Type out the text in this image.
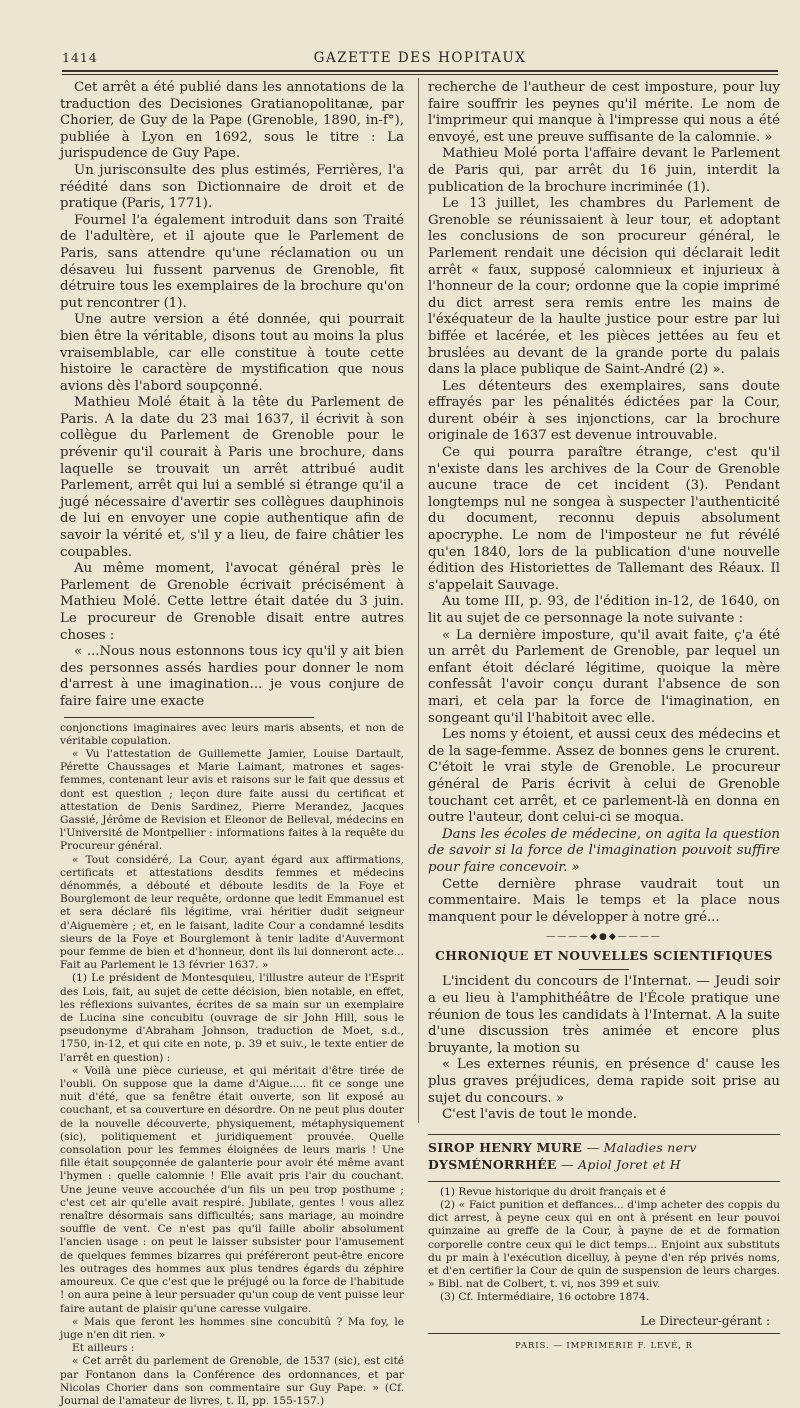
1414	GAZETTE DES HOPITAUX

Cet arrêt a été publié dans les annotations de la traduction des Decisiones Gratianopolitanæ, par Chorier, de Guy de la Pape (Grenoble, 1890, in-f°), publiée à Lyon en 1692, sous le titre : La jurispudence de Guy Pape.

Un jurisconsulte des plus estimés, Ferrières, l'a réédité dans son Dictionnaire de droit et de pratique (Paris, 1771).

Fournel l'a également introduit dans son Traité de l'adultère, et il ajoute que le Parlement de Paris, sans attendre qu'une réclamation ou un désaveu lui fussent parvenus de Grenoble, fit détruire tous les exemplaires de la brochure qu'on put rencontrer (1).

Une autre version a été donnée, qui pourrait bien être la véritable, disons tout au moins la plus vraisemblable, car elle constitue à toute cette histoire le caractère de mystification que nous avions dès l'abord soupçonné.

Mathieu Molé était à la tête du Parlement de Paris. A la date du 23 mai 1637, il écrivit à son collègue du Parlement de Grenoble pour le prévenir qu'il courait à Paris une brochure, dans laquelle se trouvait un arrêt attribué audit Parlement, arrêt qui lui a semblé si étrange qu'il a jugé nécessaire d'avertir ses collègues dauphinois de lui en envoyer une copie authentique afin de savoir la vérité et, s'il y a lieu, de faire châtier les coupables.

Au même moment, l'avocat général près le Parlement de Grenoble écrivait précisément à Mathieu Molé. Cette lettre était datée du 3 juin. Le procureur de Grenoble disait entre autres choses :

« ...Nous nous estonnons tous icy qu'il y ait bien des personnes assés hardies pour donner le nom d'arrest à une imagination... je vous conjure de faire faire une exacte

conjonctions imaginaires avec leurs maris absents, et non de véritable copulation.

« Vu l'attestation de Guillemette Jamier, Louise Dartault, Pérette Chaussages et Marie Laimant, matrones et sages-femmes, contenant leur avis et raisons sur le fait que dessus et dont est question ; leçon dure faite aussi du certificat et attestation de Denis Sardinez, Pierre Merandez, Jacques Gassié, Jérôme de Revision et Eleonor de Belleval, médecins en l'Université de Montpellier : informations faites à la requête du Procureur général.

« Tout considéré, La Cour, ayant égard aux affirmations, certificats et attestations desdits femmes et médecins dénommés, a débouté et déboute lesdits de la Foye et Bourglemont de leur requête, ordonne que ledit Emmanuel est et sera déclaré fils légitime, vrai héritier dudit seigneur d'Aiguemère ; et, en le faisant, ladite Cour a condamné lesdits sieurs de la Foye et Bourglemont à tenir ladite d'Auvermont pour femme de bien et d'honneur, dont ils lui donneront acte... Fait au Parlement le 13 février 1637. »

(1) Le président de Montesquieu, l'illustre auteur de l'Esprit des Lois, fait, au sujet de cette décision, bien notable, en effet, les réflexions suivantes, écrites de sa main sur un exemplaire de Lucina sine concubitu (ouvrage de sir John Hill, sous le pseudonyme d'Abraham Johnson, traduction de Moet, s.d., 1750, in-12, et qui cite en note, p. 39 et suiv., le texte entier de l'arrêt en question) :

« Voilà une pièce curieuse, et qui méritait d'être tirée de l'oubli. On suppose que la dame d'Aigue..... fit ce songe une nuit d'été, que sa fenêtre était ouverte, son lit exposé au couchant, et sa couverture en désordre. On ne peut plus douter de la nouvelle découverte, physiquement, métaphysiquement (sic), politiquement et juridiquement prouvée. Quelle consolation pour les femmes éloignées de leurs maris ! Une fille était soupçonnée de galanterie pour avoir été même avant l'hymen : quelle calomnie ! Elle avait pris l'air du couchant. Une jeune veuve accouchée d'un fils un peu trop posthume ; c'est cet air qu'elle avait respiré. Jubilate, gentes ! vous allez renaître désormais sans difficultés; sans mariage, au moindre souffle de vent. Ce n'est pas qu'il faille abolir absolument l'ancien usage : on peut le laisser subsister pour l'amusement de quelques femmes bizarres qui préféreront peut-être encore les outrages des hommes aux plus tendres égards du zéphire amoureux. Ce que c'est que le préjugé ou la force de l'habitude ! on aura peine à leur persuader qu'un coup de vent puisse leur faire autant de plaisir qu'une caresse vulgaire.

« Mais que feront les hommes sine concubitû ? Ma foy, le juge n'en dit rien. »

Et ailleurs :

« Cet arrêt du parlement de Grenoble, de 1537 (sic), est cité par Fontanon dans la Conférence des ordonnances, et par Nicolas Chorier dans son commentaire sur Guy Pape. » (Cf. Journal de l'amateur de livres, t. II, pp. 155-157.)

recherche de l'autheur de cest imposture, pour luy faire souffrir les peynes qu'il mérite. Le nom de l'imprimeur qui manque à l'impresse qui nous a été envoyé, est une preuve suffisante de la calomnie. »

Mathieu Molé porta l'affaire devant le Parlement de Paris qui, par arrêt du 16 juin, interdit la publication de la brochure incriminée (1).

Le 13 juillet, les chambres du Parlement de Grenoble se réunissaient à leur tour, et adoptant les conclusions de son procureur général, le Parlement rendait une décision qui déclarait ledit arrêt « faux, supposé calomnieux et injurieux à l'honneur de la cour; ordonne que la copie imprimé du dict arrest sera remis entre les mains de l'éxéquateur de la haulte justice pour estre par lui biffée et lacérée, et les pièces jettées au feu et bruslées au devant de la grande porte du palais dans la place publique de Saint-André (2) ».

Les détenteurs des exemplaires, sans doute effrayés par les pénalités édictées par la Cour, durent obéir à ses injonctions, car la brochure originale de 1637 est devenue introuvable.

Ce qui pourra paraître étrange, c'est qu'il n'existe dans les archives de la Cour de Grenoble aucune trace de cet incident (3). Pendant longtemps nul ne songea à suspecter l'authenticité du document, reconnu depuis absolument apocryphe. Le nom de l'imposteur ne fut révélé qu'en 1840, lors de la publication d'une nouvelle édition des Historiettes de Tallemant des Réaux. Il s'appelait Sauvage.

Au tome III, p. 93, de l'édition in-12, de 1640, on lit au sujet de ce personnage la note suivante :

« La dernière imposture, qu'il avait faite, ç'a été un arrêt du Parlement de Grenoble, par lequel un enfant étoit déclaré légitime, quoique la mère confessât l'avoir conçu durant l'absence de son mari, et cela par la force de l'imagination, en songeant qu'il l'habitoit avec elle.

Les noms y étoient, et aussi ceux des médecins et de la sage-femme. Assez de bonnes gens le crurent. C'étoit le vrai style de Grenoble. Le procureur général de Paris écrivit à celui de Grenoble touchant cet arrêt, et ce parlement-là en donna en outre l'auteur, dont celui-ci se moqua.

Dans les écoles de médecine, on agita la question de savoir si la force de l'imagination pouvoit suffire pour faire concevoir. »

Cette dernière phrase vaudrait tout un commentaire. Mais le temps et la place nous manquent pour le développer à notre gré...

————◆●◆————
CHRONIQUE ET NOUVELLES SCIENTIFIQUES

L'incident du concours de l'Internat. — Jeudi soir a eu lieu à l'amphithéâtre de l'École pratique une réunion de tous les candidats à l'Internat. A la suite d'une discussion très animée et encore plus bruyante, la motion su

« Les externes réunis, en présence d' cause les plus graves préjudices, dema rapide soit prise au sujet du concours. »

C'est l'avis de tout le monde.

SIROP HENRY MURE — Maladies nerv
DYSMÉNORRHÉE — Apiol Joret et H

(1) Revue historique du droit français et é

(2) « Faict punition et deffances... d'imp acheter des coppis du dict arrest, à peyne ceux qui en ont à présent en leur pouvoi quinzaine au greffe de la Cour, à payne de et de formation corporelle contre ceux qui le dict temps... Enjoint aux substituts du pr main à l'exécution dicelluy, à peyne d'en rép privés noms, et d'en certifier la Cour de quin de suspension de leurs charges. » Bibl. nat de Colbert, t. vi, nos 399 et suiv.

(3) Cf. Intermédiaire, 16 octobre 1874.

Le Directeur-gérant :
PARIS. — IMPRIMERIE F. LEVÉ, R
